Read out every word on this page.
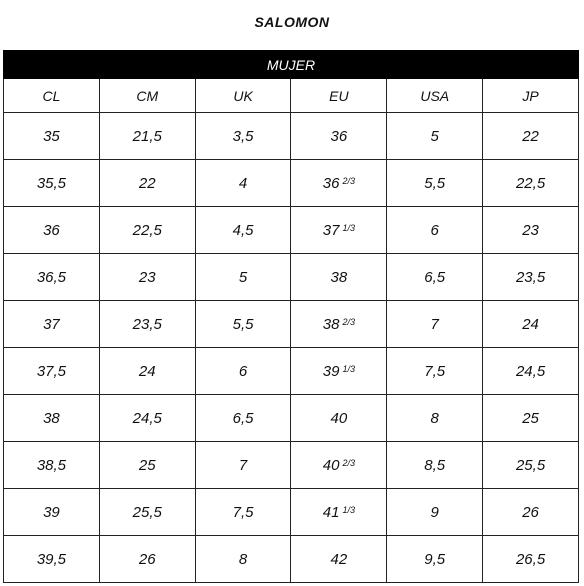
SALOMON
MUJER					
CL	CM	UK	EU	USA	JP
35	21,5	3,5	36	5	22
35,5	22	4	36 $^{2/3}$	5,5	22,5
36	22,5	4,5	37 $^{1/3}$	6	23
36,5	23	5	38	6,5	23,5
37	23,5	5,5	38 $^{2/3}$	7	24
37,5	24	6	39 $^{1/3}$	7,5	24,5
38	24,5	6,5	40	8	25
38,5	25	7	40 $^{2/3}$	8,5	25,5
39	25,5	7,5	41 $^{1/3}$	9	26
39,5	26	8	42	9,5	26,5
